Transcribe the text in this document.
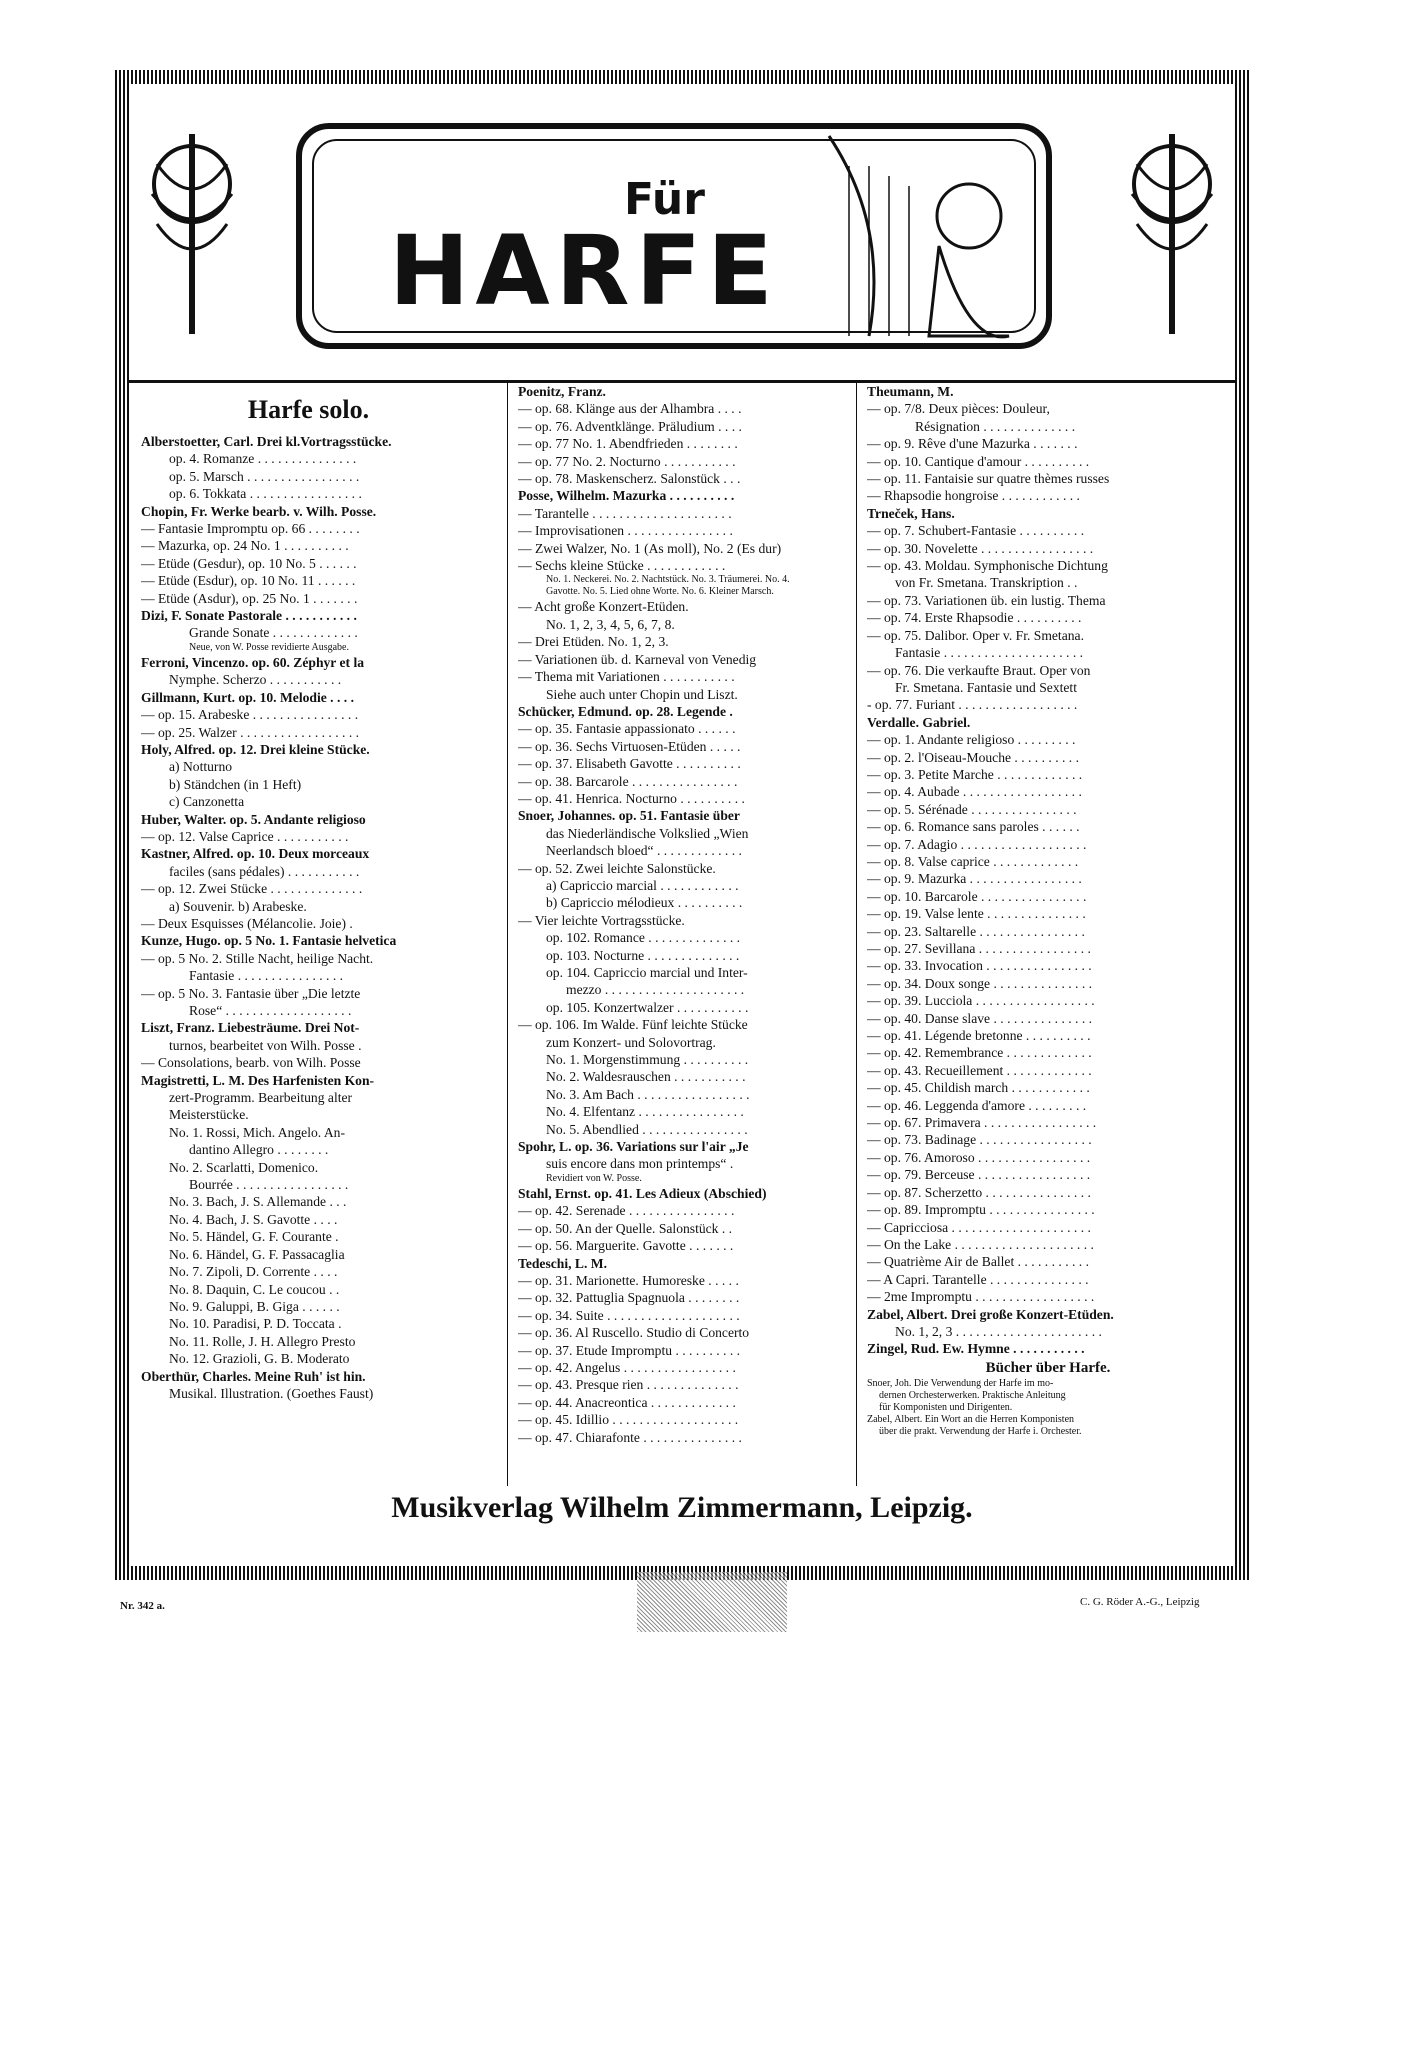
Für
HARFE
Harfe solo.
Alberstoetter, Carl. Drei kl.Vortragsstücke.
op. 4. Romanze . . . . . . . . . . . . . . .
op. 5. Marsch . . . . . . . . . . . . . . . . .
op. 6. Tokkata . . . . . . . . . . . . . . . . .
Chopin, Fr. Werke bearb. v. Wilh. Posse.
— Fantasie Impromptu op. 66 . . . . . . . .
— Mazurka, op. 24 No. 1 . . . . . . . . . .
— Etüde (Gesdur), op. 10 No. 5 . . . . . .
— Etüde (Esdur), op. 10 No. 11 . . . . . .
— Etüde (Asdur), op. 25 No. 1 . . . . . . .
Dizi, F. Sonate Pastorale . . . . . . . . . . .
Grande Sonate . . . . . . . . . . . . .
Neue, von W. Posse revidierte Ausgabe.
Ferroni, Vincenzo. op. 60. Zéphyr et la
Nymphe. Scherzo . . . . . . . . . . .
Gillmann, Kurt. op. 10. Melodie . . . .
— op. 15. Arabeske . . . . . . . . . . . . . . . .
— op. 25. Walzer . . . . . . . . . . . . . . . . . .
Holy, Alfred. op. 12. Drei kleine Stücke.
a) Notturno
b) Ständchen (in 1 Heft)
c) Canzonetta
Huber, Walter. op. 5. Andante religioso
— op. 12. Valse Caprice . . . . . . . . . . .
Kastner, Alfred. op. 10. Deux morceaux
faciles (sans pédales) . . . . . . . . . . .
— op. 12. Zwei Stücke . . . . . . . . . . . . . .
a) Souvenir. b) Arabeske.
— Deux Esquisses (Mélancolie. Joie) .
Kunze, Hugo. op. 5 No. 1. Fantasie helvetica
— op. 5 No. 2. Stille Nacht, heilige Nacht.
Fantasie . . . . . . . . . . . . . . . .
— op. 5 No. 3. Fantasie über „Die letzte
Rose“ . . . . . . . . . . . . . . . . . . .
Liszt, Franz. Liebesträume. Drei Not-
turnos, bearbeitet von Wilh. Posse .
— Consolations, bearb. von Wilh. Posse
Magistretti, L. M. Des Harfenisten Kon-
zert-Programm. Bearbeitung alter
Meisterstücke.
No. 1. Rossi, Mich. Angelo. An-
dantino Allegro . . . . . . . .
No. 2. Scarlatti, Domenico.
Bourrée . . . . . . . . . . . . . . . . .
No. 3. Bach, J. S. Allemande . . .
No. 4. Bach, J. S. Gavotte . . . .
No. 5. Händel, G. F. Courante .
No. 6. Händel, G. F. Passacaglia
No. 7. Zipoli, D. Corrente . . . .
No. 8. Daquin, C. Le coucou . .
No. 9. Galuppi, B. Giga . . . . . .
No. 10. Paradisi, P. D. Toccata .
No. 11. Rolle, J. H. Allegro Presto
No. 12. Grazioli, G. B. Moderato
Oberthür, Charles. Meine Ruh' ist hin.
Musikal. Illustration. (Goethes Faust)
Poenitz, Franz.
— op. 68. Klänge aus der Alhambra . . . .
— op. 76. Adventklänge. Präludium . . . .
— op. 77 No. 1. Abendfrieden . . . . . . . .
— op. 77 No. 2. Nocturno . . . . . . . . . . .
— op. 78. Maskenscherz. Salonstück . . .
Posse, Wilhelm. Mazurka . . . . . . . . . .
— Tarantelle . . . . . . . . . . . . . . . . . . . . .
— Improvisationen . . . . . . . . . . . . . . . .
— Zwei Walzer, No. 1 (As moll), No. 2 (Es dur)
— Sechs kleine Stücke . . . . . . . . . . . .
No. 1. Neckerei. No. 2. Nachtstück. No. 3. Träumerei. No. 4.
Gavotte. No. 5. Lied ohne Worte. No. 6. Kleiner Marsch.
— Acht große Konzert-Etüden.
No. 1, 2, 3, 4, 5, 6, 7, 8.
— Drei Etüden. No. 1, 2, 3.
— Variationen üb. d. Karneval von Venedig
— Thema mit Variationen . . . . . . . . . . .
Siehe auch unter Chopin und Liszt.
Schücker, Edmund. op. 28. Legende .
— op. 35. Fantasie appassionato . . . . . .
— op. 36. Sechs Virtuosen-Etüden . . . . .
— op. 37. Elisabeth Gavotte . . . . . . . . . .
— op. 38. Barcarole . . . . . . . . . . . . . . . .
— op. 41. Henrica. Nocturno . . . . . . . . . .
Snoer, Johannes. op. 51. Fantasie über
das Niederländische Volkslied „Wien
Neerlandsch bloed“ . . . . . . . . . . . . .
— op. 52. Zwei leichte Salonstücke.
a) Capriccio marcial . . . . . . . . . . . .
b) Capriccio mélodieux . . . . . . . . . .
— Vier leichte Vortragsstücke.
op. 102. Romance . . . . . . . . . . . . . .
op. 103. Nocturne . . . . . . . . . . . . . .
op. 104. Capriccio marcial und Inter-
mezzo . . . . . . . . . . . . . . . . . . . . .
op. 105. Konzertwalzer . . . . . . . . . . .
— op. 106. Im Walde. Fünf leichte Stücke
zum Konzert- und Solovortrag.
No. 1. Morgenstimmung . . . . . . . . . .
No. 2. Waldesrauschen . . . . . . . . . . .
No. 3. Am Bach . . . . . . . . . . . . . . . . .
No. 4. Elfentanz . . . . . . . . . . . . . . . .
No. 5. Abendlied . . . . . . . . . . . . . . . .
Spohr, L. op. 36. Variations sur l'air „Je
suis encore dans mon printemps“ .
Revidiert von W. Posse.
Stahl, Ernst. op. 41. Les Adieux (Abschied)
— op. 42. Serenade . . . . . . . . . . . . . . . .
— op. 50. An der Quelle. Salonstück . .
— op. 56. Marguerite. Gavotte . . . . . . .
Tedeschi, L. M.
— op. 31. Marionette. Humoreske . . . . .
— op. 32. Pattuglia Spagnuola . . . . . . . .
— op. 34. Suite . . . . . . . . . . . . . . . . . . . .
— op. 36. Al Ruscello. Studio di Concerto
— op. 37. Etude Impromptu . . . . . . . . . .
— op. 42. Angelus . . . . . . . . . . . . . . . . .
— op. 43. Presque rien . . . . . . . . . . . . . .
— op. 44. Anacreontica . . . . . . . . . . . . .
— op. 45. Idillio . . . . . . . . . . . . . . . . . . .
— op. 47. Chiarafonte . . . . . . . . . . . . . . .
Theumann, M.
— op. 7/8. Deux pièces: Douleur,
Résignation . . . . . . . . . . . . . .
— op. 9. Rêve d'une Mazurka . . . . . . .
— op. 10. Cantique d'amour . . . . . . . . . .
— op. 11. Fantaisie sur quatre thèmes russes
— Rhapsodie hongroise . . . . . . . . . . . .
Trneček, Hans.
— op. 7. Schubert-Fantasie . . . . . . . . . .
— op. 30. Novelette . . . . . . . . . . . . . . . . .
— op. 43. Moldau. Symphonische Dichtung
von Fr. Smetana. Transkription . .
— op. 73. Variationen üb. ein lustig. Thema
— op. 74. Erste Rhapsodie . . . . . . . . . .
— op. 75. Dalibor. Oper v. Fr. Smetana.
Fantasie . . . . . . . . . . . . . . . . . . . . .
— op. 76. Die verkaufte Braut. Oper von
Fr. Smetana. Fantasie und Sextett
- op. 77. Furiant . . . . . . . . . . . . . . . . . .
Verdalle. Gabriel.
— op. 1. Andante religioso . . . . . . . . .
— op. 2. l'Oiseau-Mouche . . . . . . . . . .
— op. 3. Petite Marche . . . . . . . . . . . . .
— op. 4. Aubade . . . . . . . . . . . . . . . . . .
— op. 5. Sérénade . . . . . . . . . . . . . . . .
— op. 6. Romance sans paroles . . . . . .
— op. 7. Adagio . . . . . . . . . . . . . . . . . . .
— op. 8. Valse caprice . . . . . . . . . . . . .
— op. 9. Mazurka . . . . . . . . . . . . . . . . .
— op. 10. Barcarole . . . . . . . . . . . . . . . .
— op. 19. Valse lente . . . . . . . . . . . . . . .
— op. 23. Saltarelle . . . . . . . . . . . . . . . .
— op. 27. Sevillana . . . . . . . . . . . . . . . . .
— op. 33. Invocation . . . . . . . . . . . . . . . .
— op. 34. Doux songe . . . . . . . . . . . . . . .
— op. 39. Lucciola . . . . . . . . . . . . . . . . . .
— op. 40. Danse slave . . . . . . . . . . . . . . .
— op. 41. Légende bretonne . . . . . . . . . .
— op. 42. Remembrance . . . . . . . . . . . . .
— op. 43. Recueillement . . . . . . . . . . . . .
— op. 45. Childish march . . . . . . . . . . . .
— op. 46. Leggenda d'amore . . . . . . . . .
— op. 67. Primavera . . . . . . . . . . . . . . . . .
— op. 73. Badinage . . . . . . . . . . . . . . . . .
— op. 76. Amoroso . . . . . . . . . . . . . . . . .
— op. 79. Berceuse . . . . . . . . . . . . . . . . .
— op. 87. Scherzetto . . . . . . . . . . . . . . . .
— op. 89. Impromptu . . . . . . . . . . . . . . . .
— Capricciosa . . . . . . . . . . . . . . . . . . . . .
— On the Lake . . . . . . . . . . . . . . . . . . . . .
— Quatrième Air de Ballet . . . . . . . . . . .
— A Capri. Tarantelle . . . . . . . . . . . . . . .
— 2me Impromptu . . . . . . . . . . . . . . . . . .
Zabel, Albert. Drei große Konzert-Etüden.
No. 1, 2, 3 . . . . . . . . . . . . . . . . . . . . . .
Zingel, Rud. Ew. Hymne . . . . . . . . . . .
Bücher über Harfe.
Snoer, Joh. Die Verwendung der Harfe im mo-
dernen Orchesterwerken. Praktische Anleitung
für Komponisten und Dirigenten.
Zabel, Albert. Ein Wort an die Herren Komponisten
über die prakt. Verwendung der Harfe i. Orchester.
Musikverlag Wilhelm Zimmermann, Leipzig.
Nr. 342 a.	C. G. Röder A.-G., Leipzig
